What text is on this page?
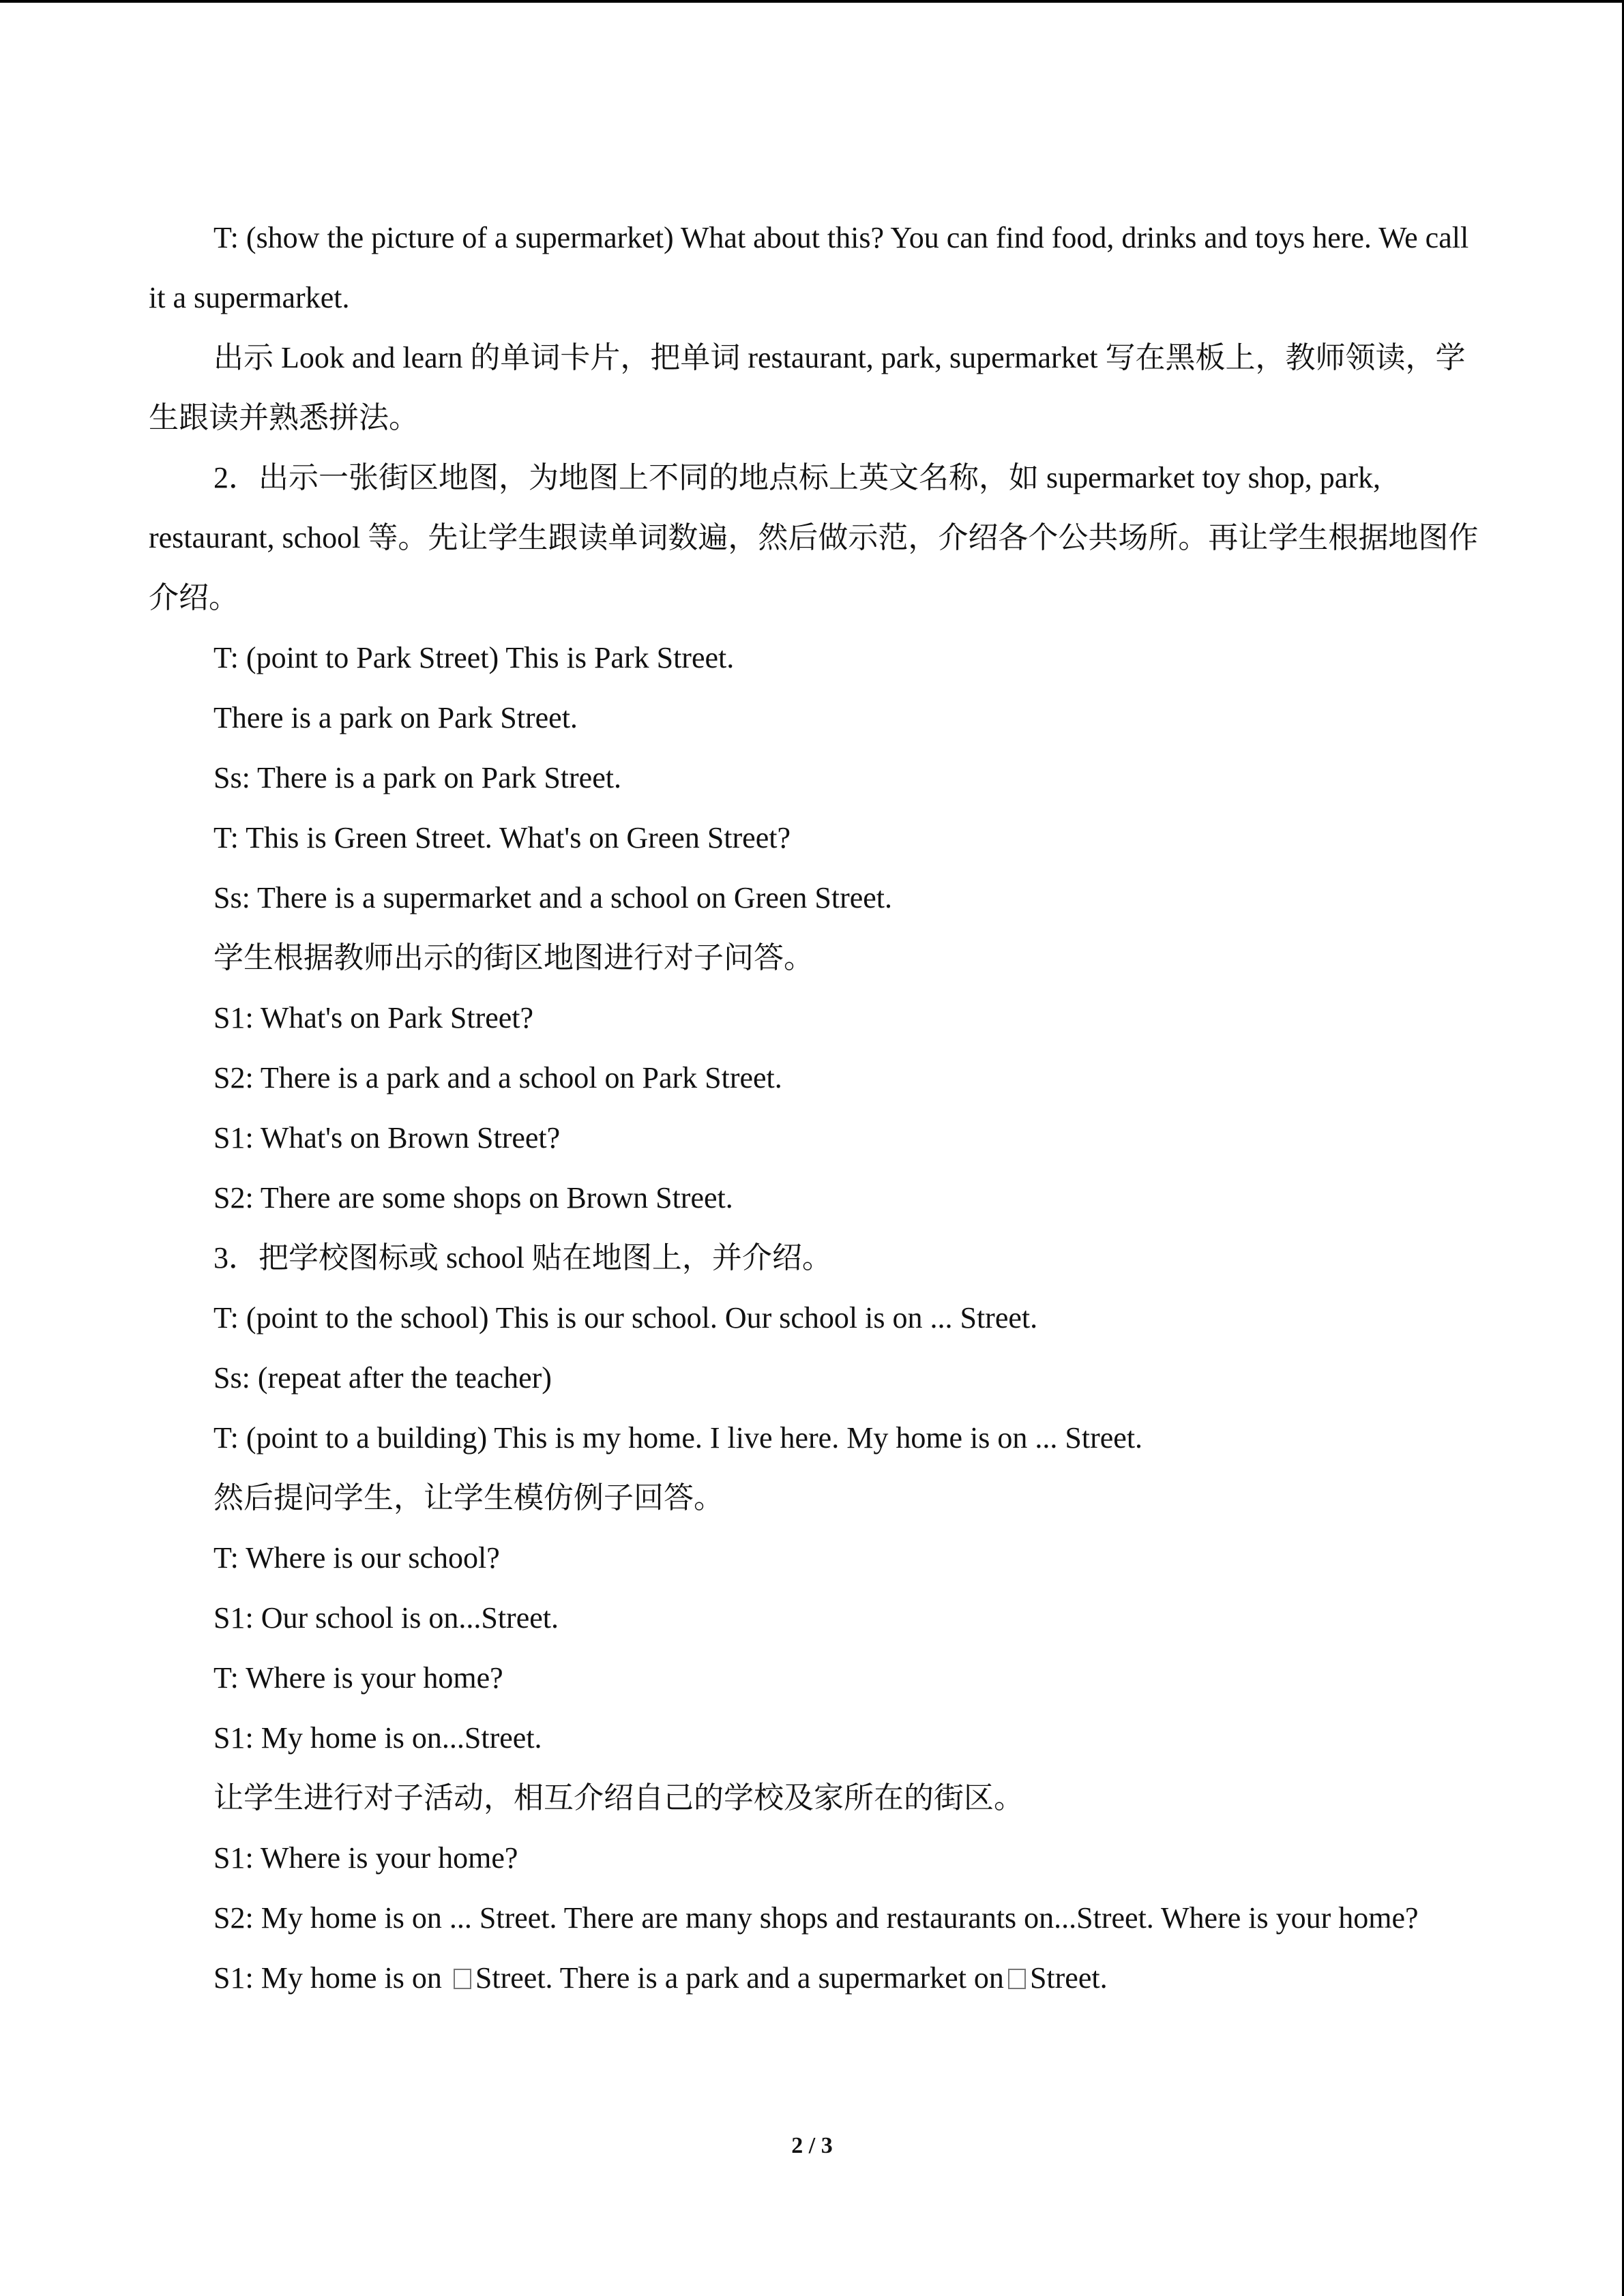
T: (show the picture of a supermarket) What about this? You can find food, drinks and toys here. We call it a supermarket.

出示 Look and learn 的单词卡片，把单词 restaurant, park, supermarket 写在黑板上，教师领读，学生跟读并熟悉拼法。

2．出示一张街区地图，为地图上不同的地点标上英文名称，如 supermarket toy shop, park, restaurant, school 等。先让学生跟读单词数遍，然后做示范，介绍各个公共场所。再让学生根据地图作介绍。

T: (point to Park Street) This is Park Street.

There is a park on Park Street.

Ss: There is a park on Park Street.

T: This is Green Street. What's on Green Street?

Ss: There is a supermarket and a school on Green Street.

学生根据教师出示的街区地图进行对子问答。

S1: What's on Park Street?

S2: There is a park and a school on Park Street.

S1: What's on Brown Street?

S2: There are some shops on Brown Street.

3．把学校图标或 school 贴在地图上，并介绍。

T: (point to the school) This is our school. Our school is on ... Street.

Ss: (repeat after the teacher)

T: (point to a building) This is my home. I live here. My home is on ... Street.

然后提问学生，让学生模仿例子回答。

T: Where is our school?

S1: Our school is on...Street.

T: Where is your home?

S1: My home is on...Street.

让学生进行对子活动，相互介绍自己的学校及家所在的街区。

S1: Where is your home?

S2: My home is on ... Street. There are many shops and restaurants on...Street. Where is your home?

S1: My home is on Street. There is a park and a supermarket on Street.

2 / 3
